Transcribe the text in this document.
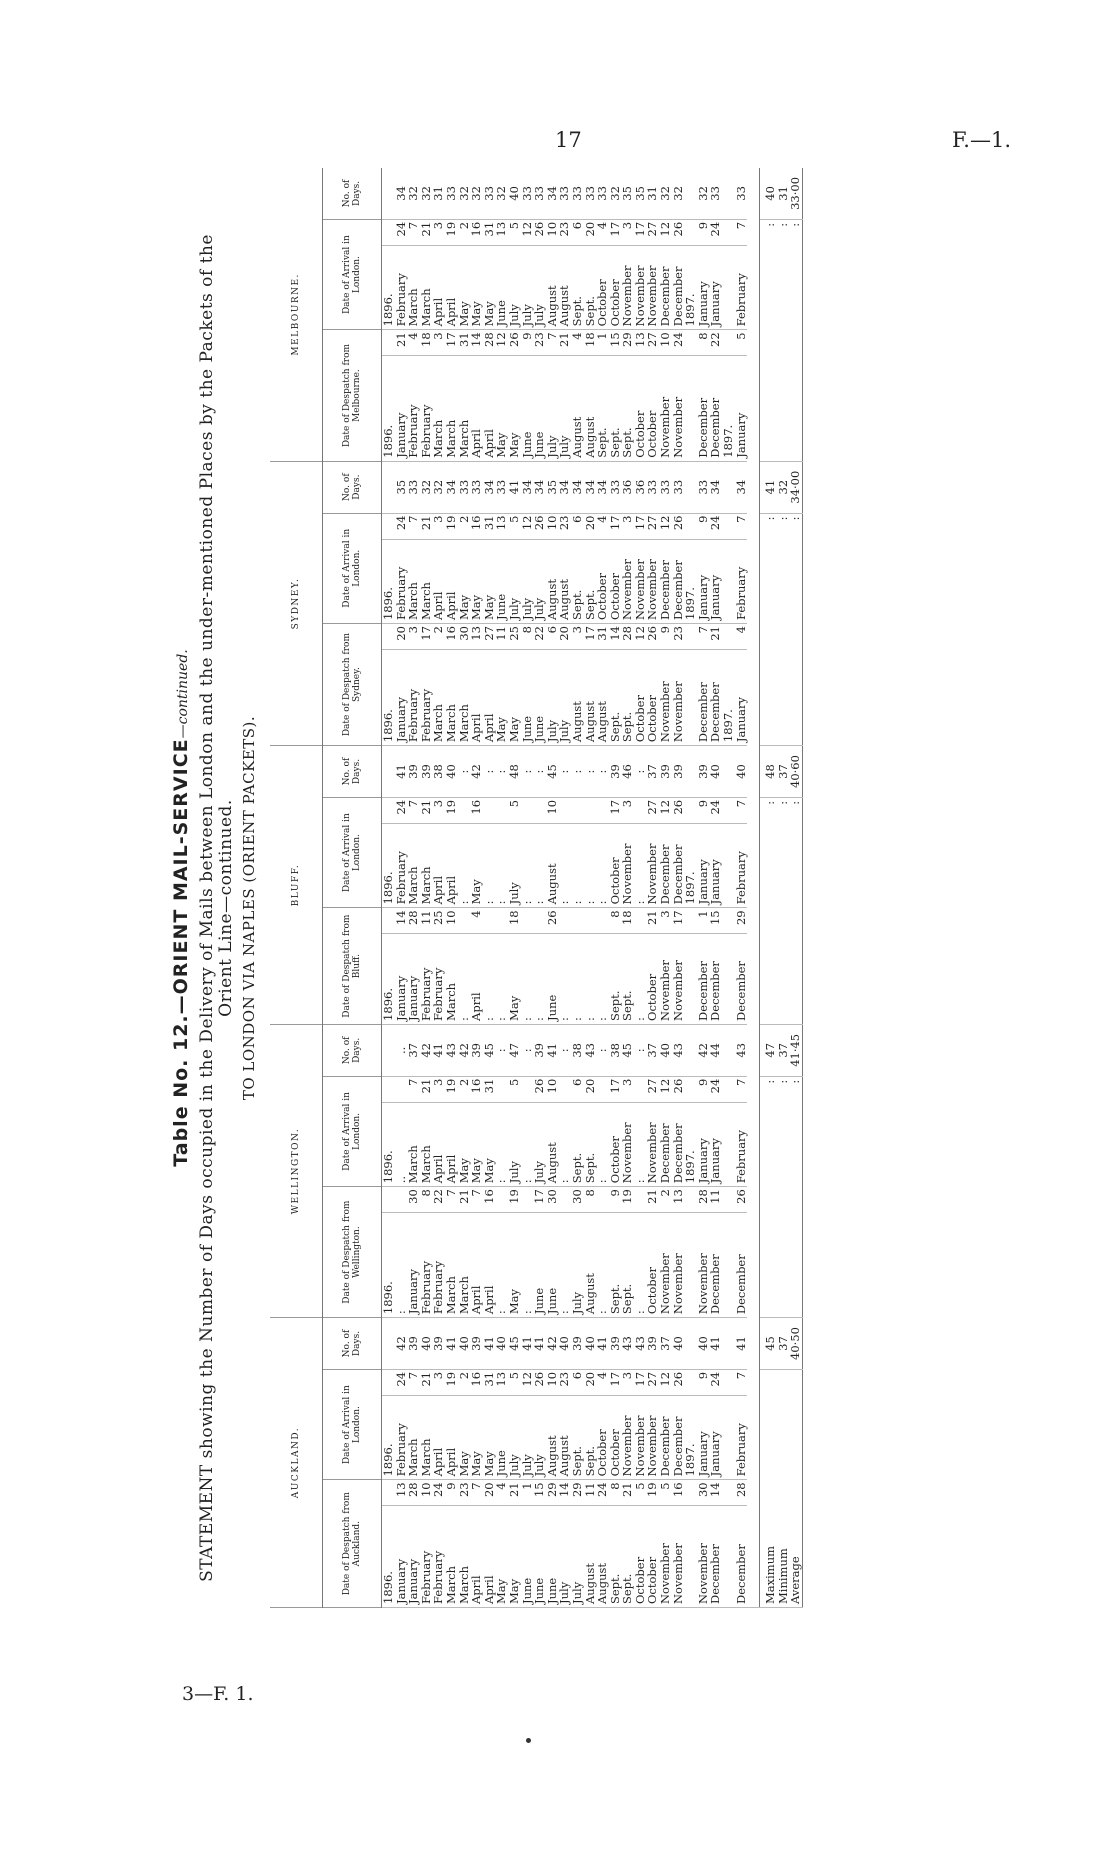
17	F.—1.
3—F. 1.
Table No. 12.—ORIENT MAIL-SERVICE—continued. STATEMENT showing the Number of Days occupied in the Delivery of Mails between London and the under-mentioned Places by the Packets of the Orient Line—continued. TO LONDON VIA NAPLES (ORIENT PACKETS).
AUCKLAND.					WELLINGTON.					BLUFF.					SYDNEY.					MELBOURNE.				
Date of Despatch from Auckland.		Date of Arrival in London.		No. of Days.	Date of Despatch from Wellington.		Date of Arrival in London.		No. of Days.	Date of Despatch from Bluff.		Date of Arrival in London.		No. of Days.	Date of Despatch from Sydney.		Date of Arrival in London.		No. of Days.	Date of Despatch from Melbourne.		Date of Arrival in London.		No. of Days.
1896.		1896.			1896.		1896.			1896.		1896.			1896.		1896.			1896.		1896.		
January	13	February	24	42	:		..		..	January	14	February	24	41	January	20	February	24	35	January	21	February	24	34
January	28	March	7	39	January	30	March	7	37	January	28	March	7	39	February	3	March	7	33	February	4	March	7	32
February	10	March	21	40	February	8	March	21	42	February	11	March	21	39	February	17	March	21	32	February	18	March	21	32
February	24	April	3	39	February	22	April	3	41	February	25	April	3	38	March	2	April	3	32	March	3	April	3	31
March	9	April	19	41	March	7	April	19	43	March	10	April	19	40	March	16	April	19	34	March	17	April	19	33
March	23	May	2	40	March	21	May	2	42	:		:		:	March	30	May	2	33	March	31	May	2	32
April	7	May	16	39	April	7	May	16	39	April	4	May	16	42	April	13	May	16	33	April	14	May	16	32
April	20	May	31	41	April	16	May	31	45	:		:		:	April	27	May	31	34	April	28	May	31	33
May	4	June	13	40	:		:		:	:		:		:	May	11	June	13	33	May	12	June	13	32
May	21	July	5	45	May	19	July	5	47	May	18	July	5	48	May	25	July	5	41	May	26	July	5	40
June	1	July	12	41	:		:		:	:		:		:	June	8	July	12	34	June	9	July	12	33
June	15	July	26	41	June	17	July	26	39	:		:		:	June	22	July	26	34	June	23	July	26	33
June	29	August	10	42	June	30	August	10	41	June	26	August	10	45	July	6	August	10	35	July	7	August	10	34
July	14	August	23	40	:		:		:	:		:		:	July	20	August	23	34	July	21	August	23	33
July	29	Sept.	6	39	July	30	Sept.	6	38	:		:		:	August	3	Sept.	6	34	August	4	Sept.	6	33
August	11	Sept.	20	40	August	8	Sept.	20	43	:		:		:	August	17	Sept.	20	34	August	18	Sept.	20	33
August	24	October	4	41	:		:		:	:		:		:	August	31	October	4	34	Sept.	1	October	4	33
Sept.	8	October	17	39	Sept.	9	October	17	38	Sept.	8	October	17	39	Sept.	14	October	17	33	Sept.	15	October	17	32
Sept.	21	November	3	43	Sept.	19	November	3	45	Sept.	18	November	3	46	Sept.	28	November	3	36	Sept.	29	November	3	35
October	5	November	17	43	:		:		:	:		:		:	October	12	November	17	36	October	13	November	17	35
October	19	November	27	39	October	21	November	27	37	October	21	November	27	37	October	26	November	27	33	October	27	November	27	31
November	5	December	12	37	November	2	December	12	40	November	3	December	12	39	November	9	December	12	33	November	10	December	12	32
November	16	December	26	40	November	13	December	26	43	November	17	December	26	39	November	23	December	26	33	November	24	December	26	32
		1897.					1897.					1897.					1897.					1897.		
November	30	January	9	40	November	28	January	9	42	December	1	January	9	39	December	7	January	9	33	December	8	January	9	32
December	14	January	24	41	December	11	January	24	44	December	15	January	24	40	December	21	January	24	34	December	22	January	24	33
															1897.					1897.				
December	28	February	7	41	December	26	February	7	43	December	29	February	7	40	January	4	February	7	34	January	5	February	7	33

Maximum				45	:				47	:				48	:				41	:				40
Minimum				37	:				37	:				37	:				32	:				31
Average				40·50	:				41·45	:				40·60	:				34·00	:				33·00
